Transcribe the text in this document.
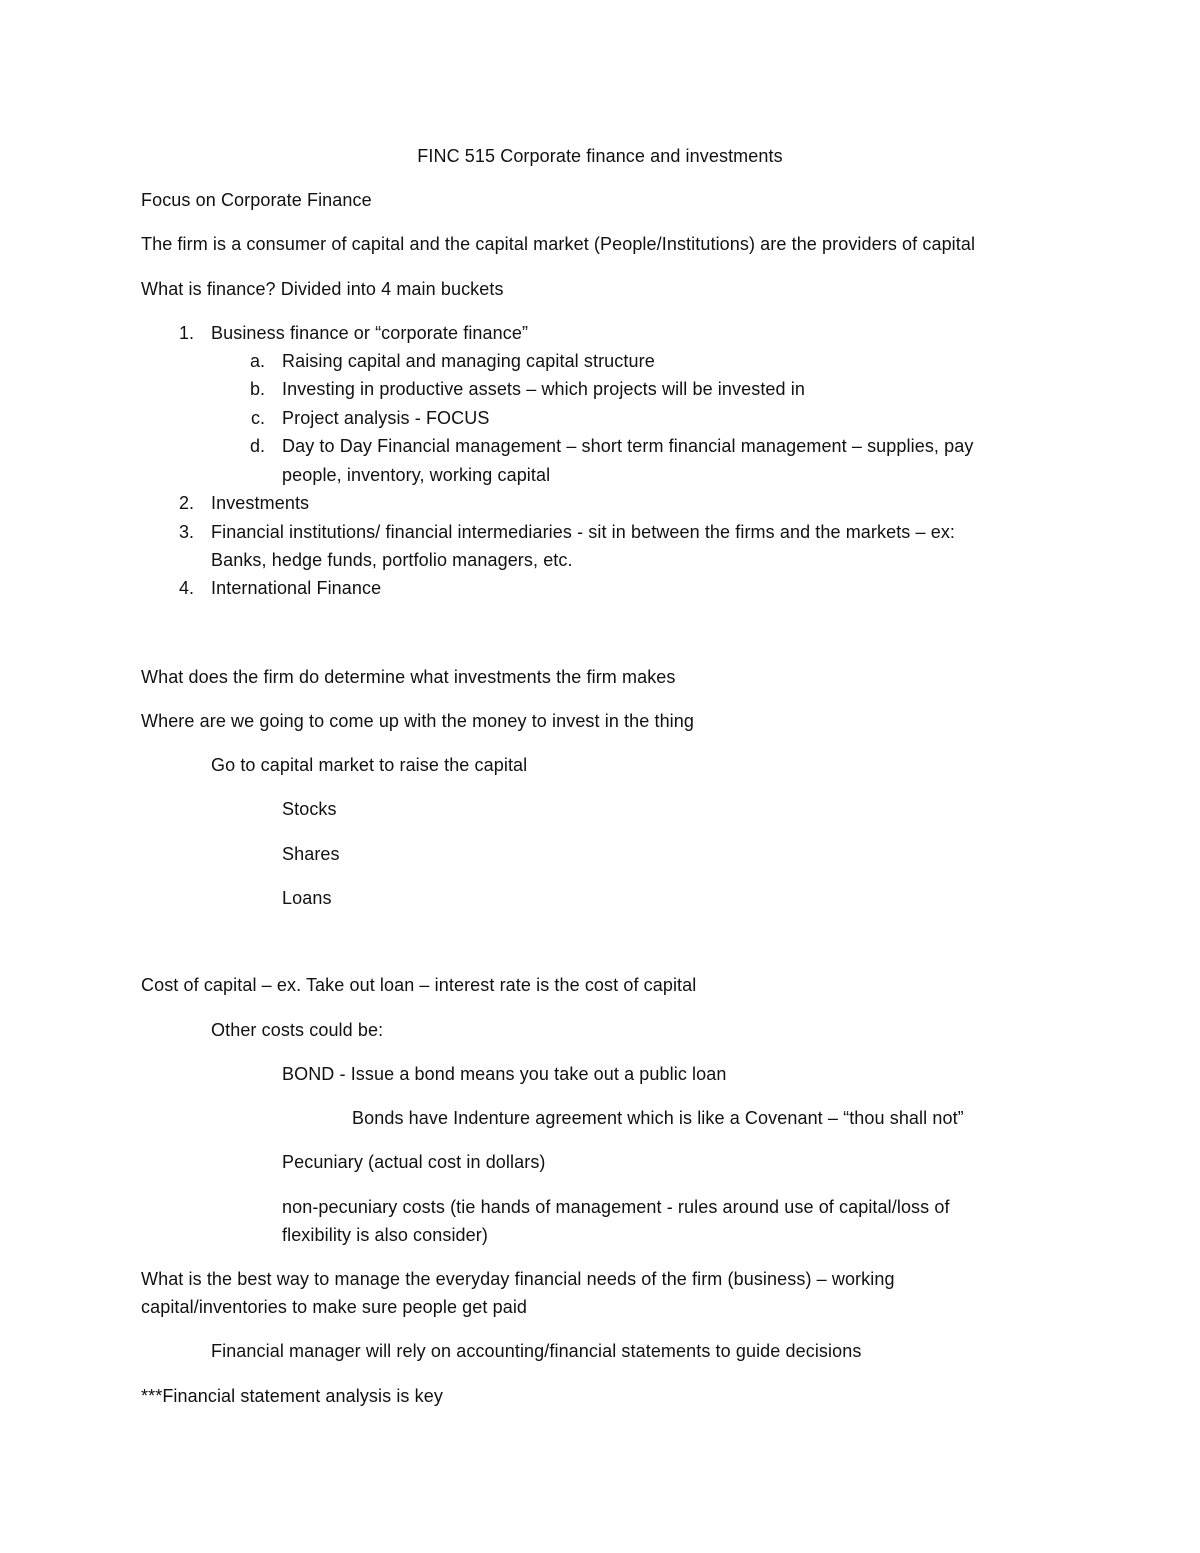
FINC 515 Corporate finance and investments
Focus on Corporate Finance
The firm is a consumer of capital and the capital market (People/Institutions) are the providers of capital
What is finance? Divided into 4 main buckets
1. Business finance or “corporate finance”
a. Raising capital and managing capital structure
b. Investing in productive assets – which projects will be invested in
c. Project analysis - FOCUS
d. Day to Day Financial management – short term financial management – supplies, pay
people, inventory, working capital
2. Investments
3. Financial institutions/ financial intermediaries - sit in between the firms and the markets – ex:
Banks, hedge funds, portfolio managers, etc.
4. International Finance
What does the firm do determine what investments the firm makes
Where are we going to come up with the money to invest in the thing
Go to capital market to raise the capital
Stocks
Shares
Loans
Cost of capital – ex. Take out loan – interest rate is the cost of capital
Other costs could be:
BOND - Issue a bond means you take out a public loan
Bonds have Indenture agreement which is like a Covenant – “thou shall not”
Pecuniary (actual cost in dollars)
non-pecuniary costs (tie hands of management - rules around use of capital/loss of
flexibility is also consider)
What is the best way to manage the everyday financial needs of the firm (business) – working
capital/inventories to make sure people get paid
Financial manager will rely on accounting/financial statements to guide decisions
***Financial statement analysis is key
